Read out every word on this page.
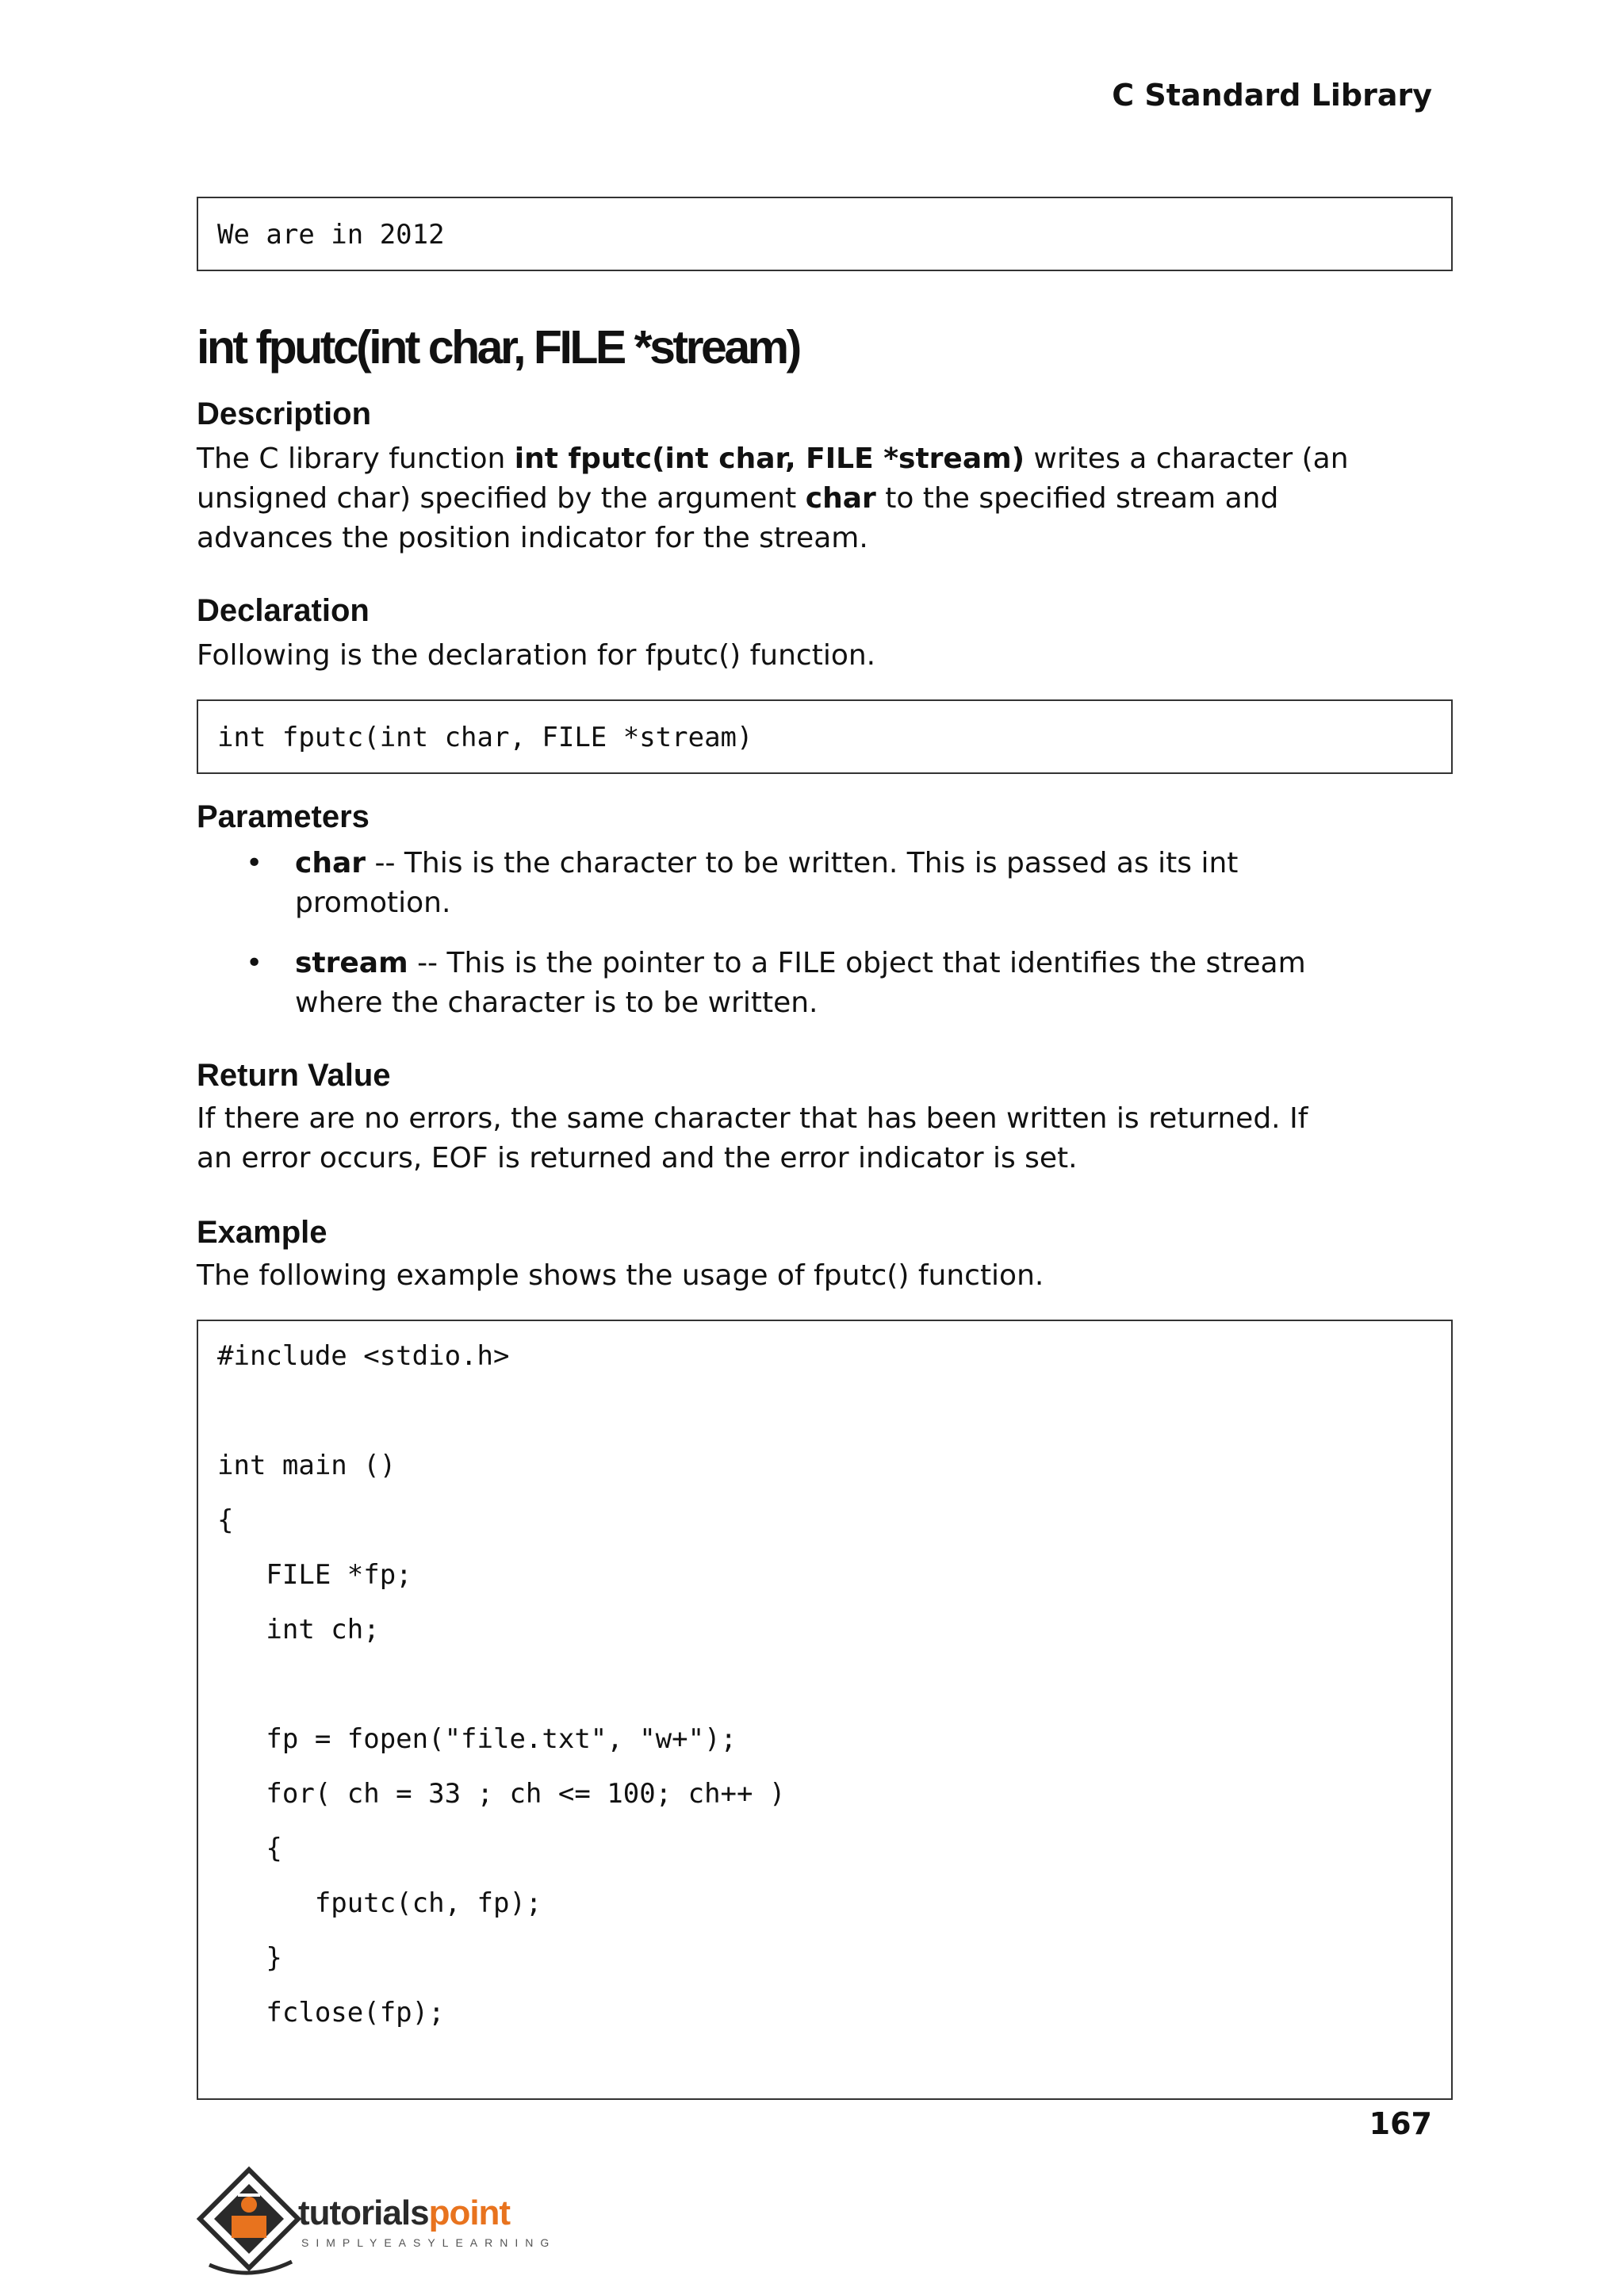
C Standard Library
We are in 2012
int fputc(int char, FILE *stream)
Description
The C library function int fputc(int char, FILE *stream) writes a character (an
unsigned char) specified by the argument char to the specified stream and
advances the position indicator for the stream.
Declaration
Following is the declaration for fputc() function.
int fputc(int char, FILE *stream)
Parameters
• char -- This is the character to be written. This is passed as its int
promotion.
• stream -- This is the pointer to a FILE object that identifies the stream
where the character is to be written.
Return Value
If there are no errors, the same character that has been written is returned. If
an error occurs, EOF is returned and the error indicator is set.
Example
The following example shows the usage of fputc() function.
#include <stdio.h>
int main ()
{
FILE *fp;
int ch;
fp = fopen("file.txt", "w+");
for( ch = 33 ; ch <= 100; ch++ )
{
fputc(ch, fp);
}
fclose(fp);
167
tutorialspoint
SIMPLYEASYLEARNING
